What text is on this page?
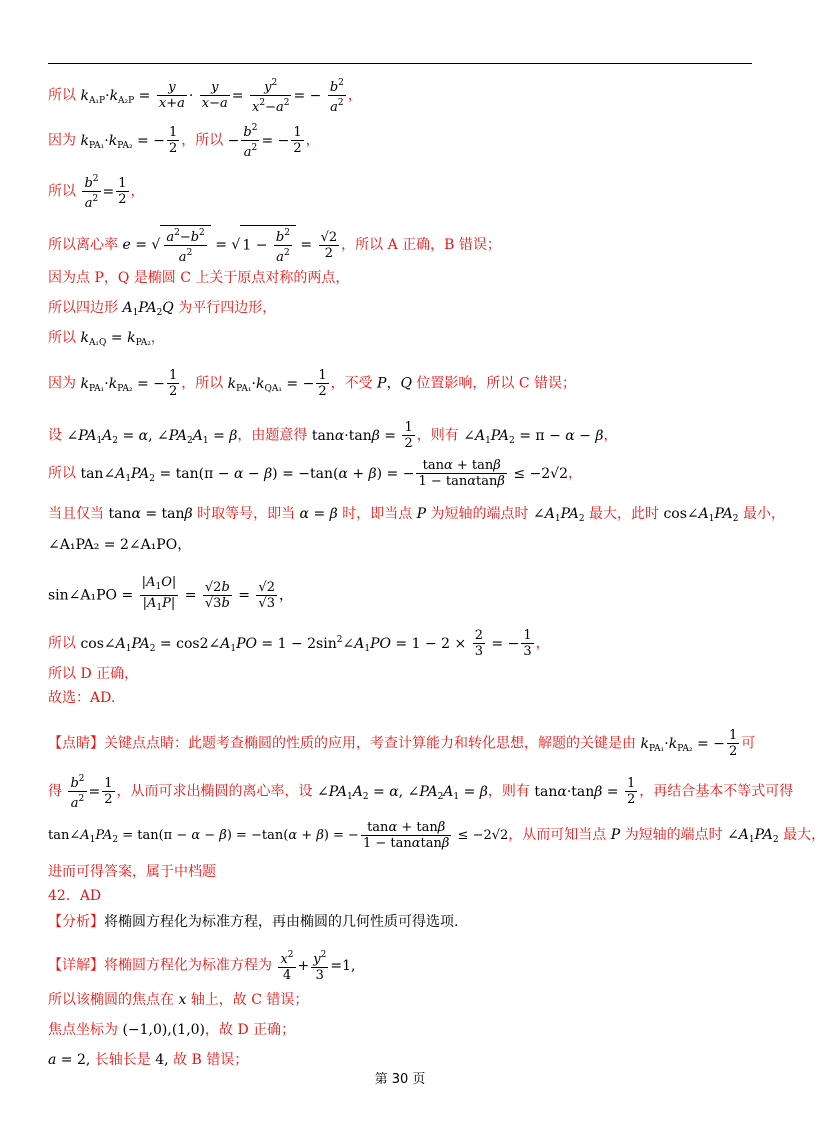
所以 $k_{A_1P}\cdot k_{A_2P} = \frac{y}{x+a} \cdot \frac{y}{x-a} = \frac{y^2}{x^2-a^2}$ = − $\frac{b^2}{a^2}$ ，
因为 $k_{PA_1}\cdot k_{PA_2}$ = − $\frac{1}{2}$ ，所以 − $\frac{b^2}{a^2}$ = − $\frac{1}{2}$ ，
所以 $\frac{b^2}{a^2} = \frac{1}{2}$ ，
所以离心率 e = √ $\frac{a^2-b^2}{a^2}$ = √ $1 - \frac{b^2}{a^2} = \frac{√2}{2}$ ，所以 A 正确，B 错误；
因为点 P，Q 是椭圆 C 上关于原点对称的两点，
所以四边形 $A_1PA_2Q$ 为平行四边形，
所以 $k_{A_1Q} = k_{PA_2}$，
因为 $k_{PA_1}\cdot k_{PA_2}$ = − $\frac{1}{2}$ ，所以 $k_{PA_1}\cdot k_{QA_1}$ = − $\frac{1}{2}$ ，不受 P，Q 位置影响，所以 C 错误；
设 $\angle PA_1A_2 = \alpha$, $\angle PA_2A_1 = \beta$，由题意得 $\tan\alpha\cdot\tan\beta = \frac{1}{2}$ ，则有 $\angle A_1PA_2 = \pi - \alpha - \beta$，
所以 $\tan\angle A_1PA_2 = \tan(\pi - \alpha - \beta) = -\tan(\alpha + \beta)$ = − $\frac{\tan\alpha + \tan\beta}{1 - \tan\alpha\tan\beta} \le -2√2$，
当且仅当 tanα = tanβ 时取等号，即当 α = β 时，即当点 P 为短轴的端点时 $\angle A_1PA_2$ 最大，此时 $\cos\angle A_1PA_2$ 最小，
∠A₁PA₂ = 2∠A₁PO，
sin∠A₁PO = $\frac{|A_1O|}{|A_1P|} = \frac{√2b}{√3b} = \frac{√2}{√3}$ ，
所以 $\cos\angle A_1PA_2$ = $\cos 2\angle A_1PO = 1$ − $2\sin^2\angle A_1PO = 1 - 2 \times \frac{2}{3}$ = − $\frac{1}{3}$ ，
所以 D 正确，
故选：AD.
【点睛】关键点点睛：此题考查椭圆的性质的应用，考查计算能力和转化思想，解题的关键是由 $k_{PA_1}\cdot k_{PA_2}$ = − $\frac{1}{2}$ 可
得 $\frac{b^2}{a^2} = \frac{1}{2}$ ，从而可求出椭圆的离心率，设 $\angle PA_1A_2 = \alpha$, $\angle PA_2A_1 = \beta$，则有 $\tan\alpha\cdot\tan\beta = \frac{1}{2}$ ，再结合基本不等式可得
$\tan\angle A_1PA_2 = \tan(\pi - \alpha - \beta) = -\tan(\alpha + \beta)$ = − $\frac{\tan\alpha + \tan\beta}{1 - \tan\alpha\tan\beta} \le -2√2$，从而可知当点 P 为短轴的端点时 $\angle A_1PA_2$ 最大，
进而可得答案，属于中档题
42．AD
【分析】将椭圆方程化为标准方程，再由椭圆的几何性质可得选项.
【详解】将椭圆方程化为标准方程为 $\frac{x^2}{4} + \frac{y^2}{3} =1$,
所以该椭圆的焦点在 x 轴上，故 C 错误；
焦点坐标为 (−1,0),(1,0)，故 D 正确；
a = 2, 长轴长是 4, 故 B 错误；
第 30 页
